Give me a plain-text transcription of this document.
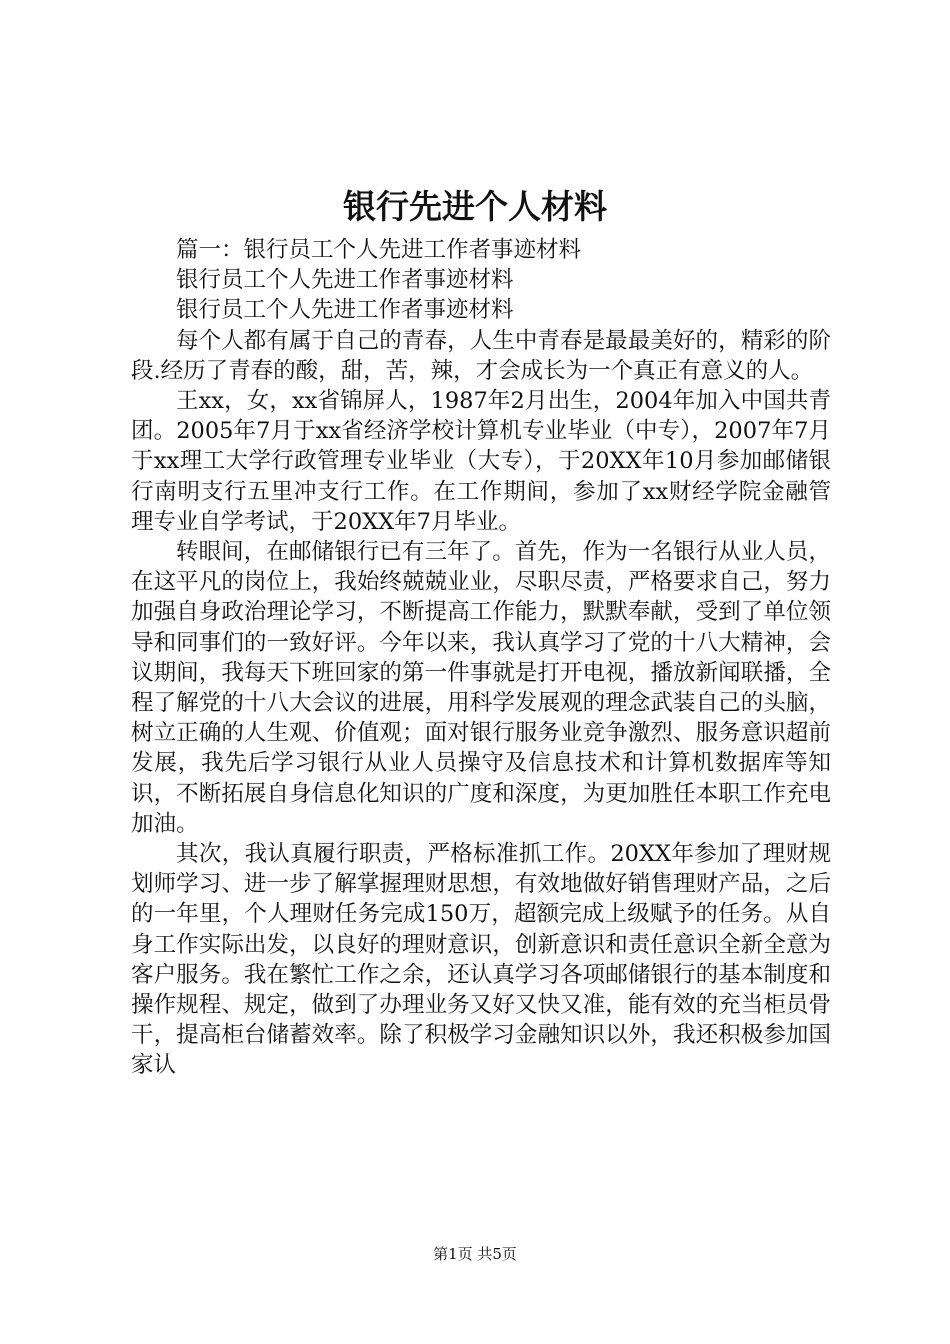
银行先进个人材料

篇一：银行员工个人先进工作者事迹材料

银行员工个人先进工作者事迹材料

银行员工个人先进工作者事迹材料

每个人都有属于自己的青春，人生中青春是最最美好的，精彩的阶段.经历了青春的酸，甜，苦，辣，才会成长为一个真正有意义的人。

王xx，女，xx省锦屏人，1987年2月出生，2004年加入中国共青团。2005年7月于xx省经济学校计算机专业毕业（中专），2007年7月于xx理工大学行政管理专业毕业（大专），于20XX年10月参加邮储银行南明支行五里冲支行工作。在工作期间，参加了xx财经学院金融管理专业自学考试，于20XX年7月毕业。

转眼间，在邮储银行已有三年了。首先，作为一名银行从业人员，在这平凡的岗位上，我始终兢兢业业，尽职尽责，严格要求自己，努力加强自身政治理论学习，不断提高工作能力，默默奉献，受到了单位领导和同事们的一致好评。今年以来，我认真学习了党的十八大精神，会议期间，我每天下班回家的第一件事就是打开电视，播放新闻联播，全程了解党的十八大会议的进展，用科学发展观的理念武装自己的头脑，树立正确的人生观、价值观；面对银行服务业竞争激烈、服务意识超前发展，我先后学习银行从业人员操守及信息技术和计算机数据库等知识，不断拓展自身信息化知识的广度和深度，为更加胜任本职工作充电加油。

其次，我认真履行职责，严格标准抓工作。20XX年参加了理财规划师学习、进一步了解掌握理财思想，有效地做好销售理财产品，之后的一年里，个人理财任务完成150万，超额完成上级赋予的任务。从自身工作实际出发，以良好的理财意识，创新意识和责任意识全新全意为客户服务。我在繁忙工作之余，还认真学习各项邮储银行的基本制度和操作规程、规定，做到了办理业务又好又快又准，能有效的充当柜员骨干，提高柜台储蓄效率。除了积极学习金融知识以外，我还积极参加国家认

第1页 共5页
